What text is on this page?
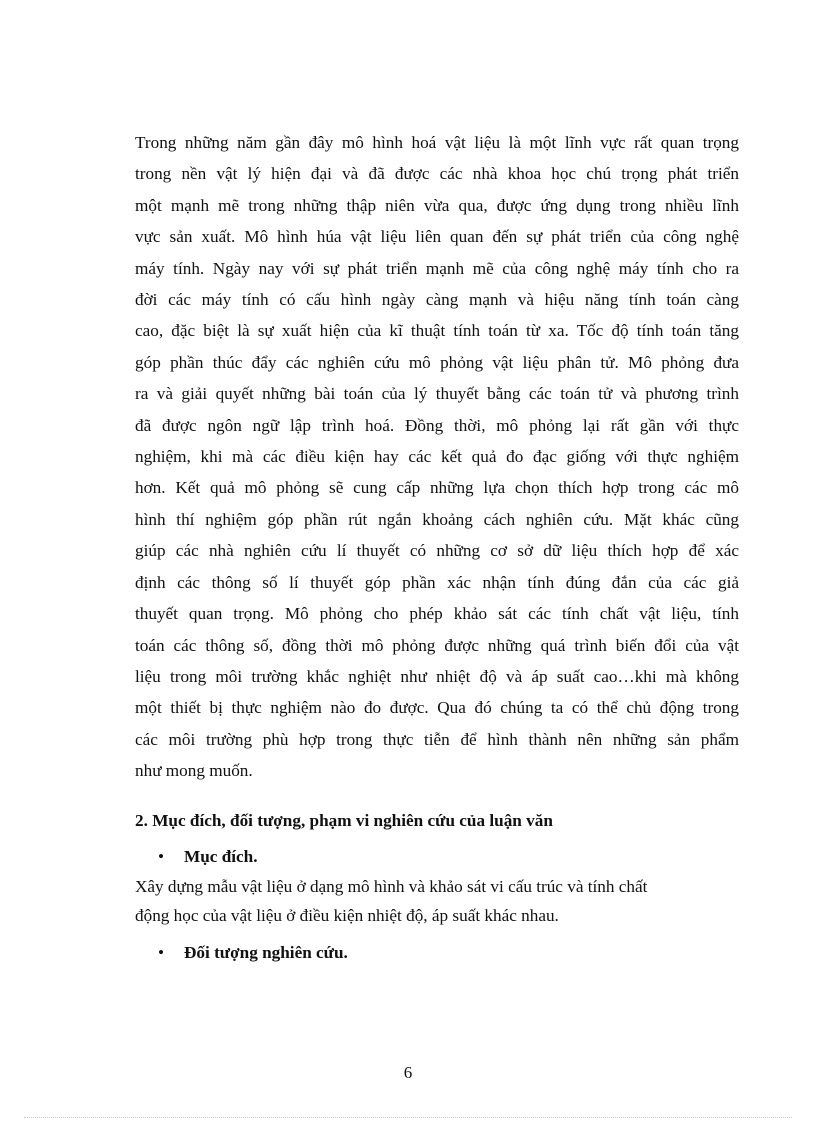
Trong những năm gần đây mô hình hoá vật liệu là một lĩnh vực rất quan trọng
trong nền vật lý hiện đại và đã được các nhà khoa học chú trọng phát triển
một mạnh mẽ trong những thập niên vừa qua, được ứng dụng trong nhiều lĩnh
vực sản xuất. Mô hình húa vật liệu liên quan đến sự phát triển của công nghệ
máy tính. Ngày nay với sự phát triển mạnh mẽ của công nghệ máy tính cho ra
đời các máy tính có cấu hình ngày càng mạnh và hiệu năng tính toán càng
cao, đặc biệt là sự xuất hiện của kĩ thuật tính toán từ xa. Tốc độ tính toán tăng
góp phần thúc đẩy các nghiên cứu mô phỏng vật liệu phân tử. Mô phỏng đưa
ra và giải quyết những bài toán của lý thuyết bằng các toán tử và phương trình
đã được ngôn ngữ lập trình hoá. Đồng thời, mô phỏng lại rất gần với thực
nghiệm, khi mà các điều kiện hay các kết quả đo đạc giống với thực nghiệm
hơn. Kết quả mô phỏng sẽ cung cấp những lựa chọn thích hợp trong các mô
hình thí nghiệm góp phần rút ngắn khoảng cách nghiên cứu. Mặt khác cũng
giúp các nhà nghiên cứu lí thuyết có những cơ sở dữ liệu thích hợp để xác
định các thông số lí thuyết góp phần xác nhận tính đúng đắn của các giả
thuyết quan trọng. Mô phỏng cho phép khảo sát các tính chất vật liệu, tính
toán các thông số, đồng thời mô phỏng được những quá trình biến đổi của vật
liệu trong môi trường khắc nghiệt như nhiệt độ và áp suất cao…khi mà không
một thiết bị thực nghiệm nào đo được. Qua đó chúng ta có thể chủ động trong
các môi trường phù hợp trong thực tiễn để hình thành nên những sản phẩm
như mong muốn.

2. Mục đích, đối tượng, phạm vi nghiên cứu của luận văn

• Mục đích.

Xây dựng mẫu vật liệu ở dạng mô hình và khảo sát vi cấu trúc và tính chất
động học của vật liệu ở điều kiện nhiệt độ, áp suất khác nhau.

• Đối tượng nghiên cứu.

6
